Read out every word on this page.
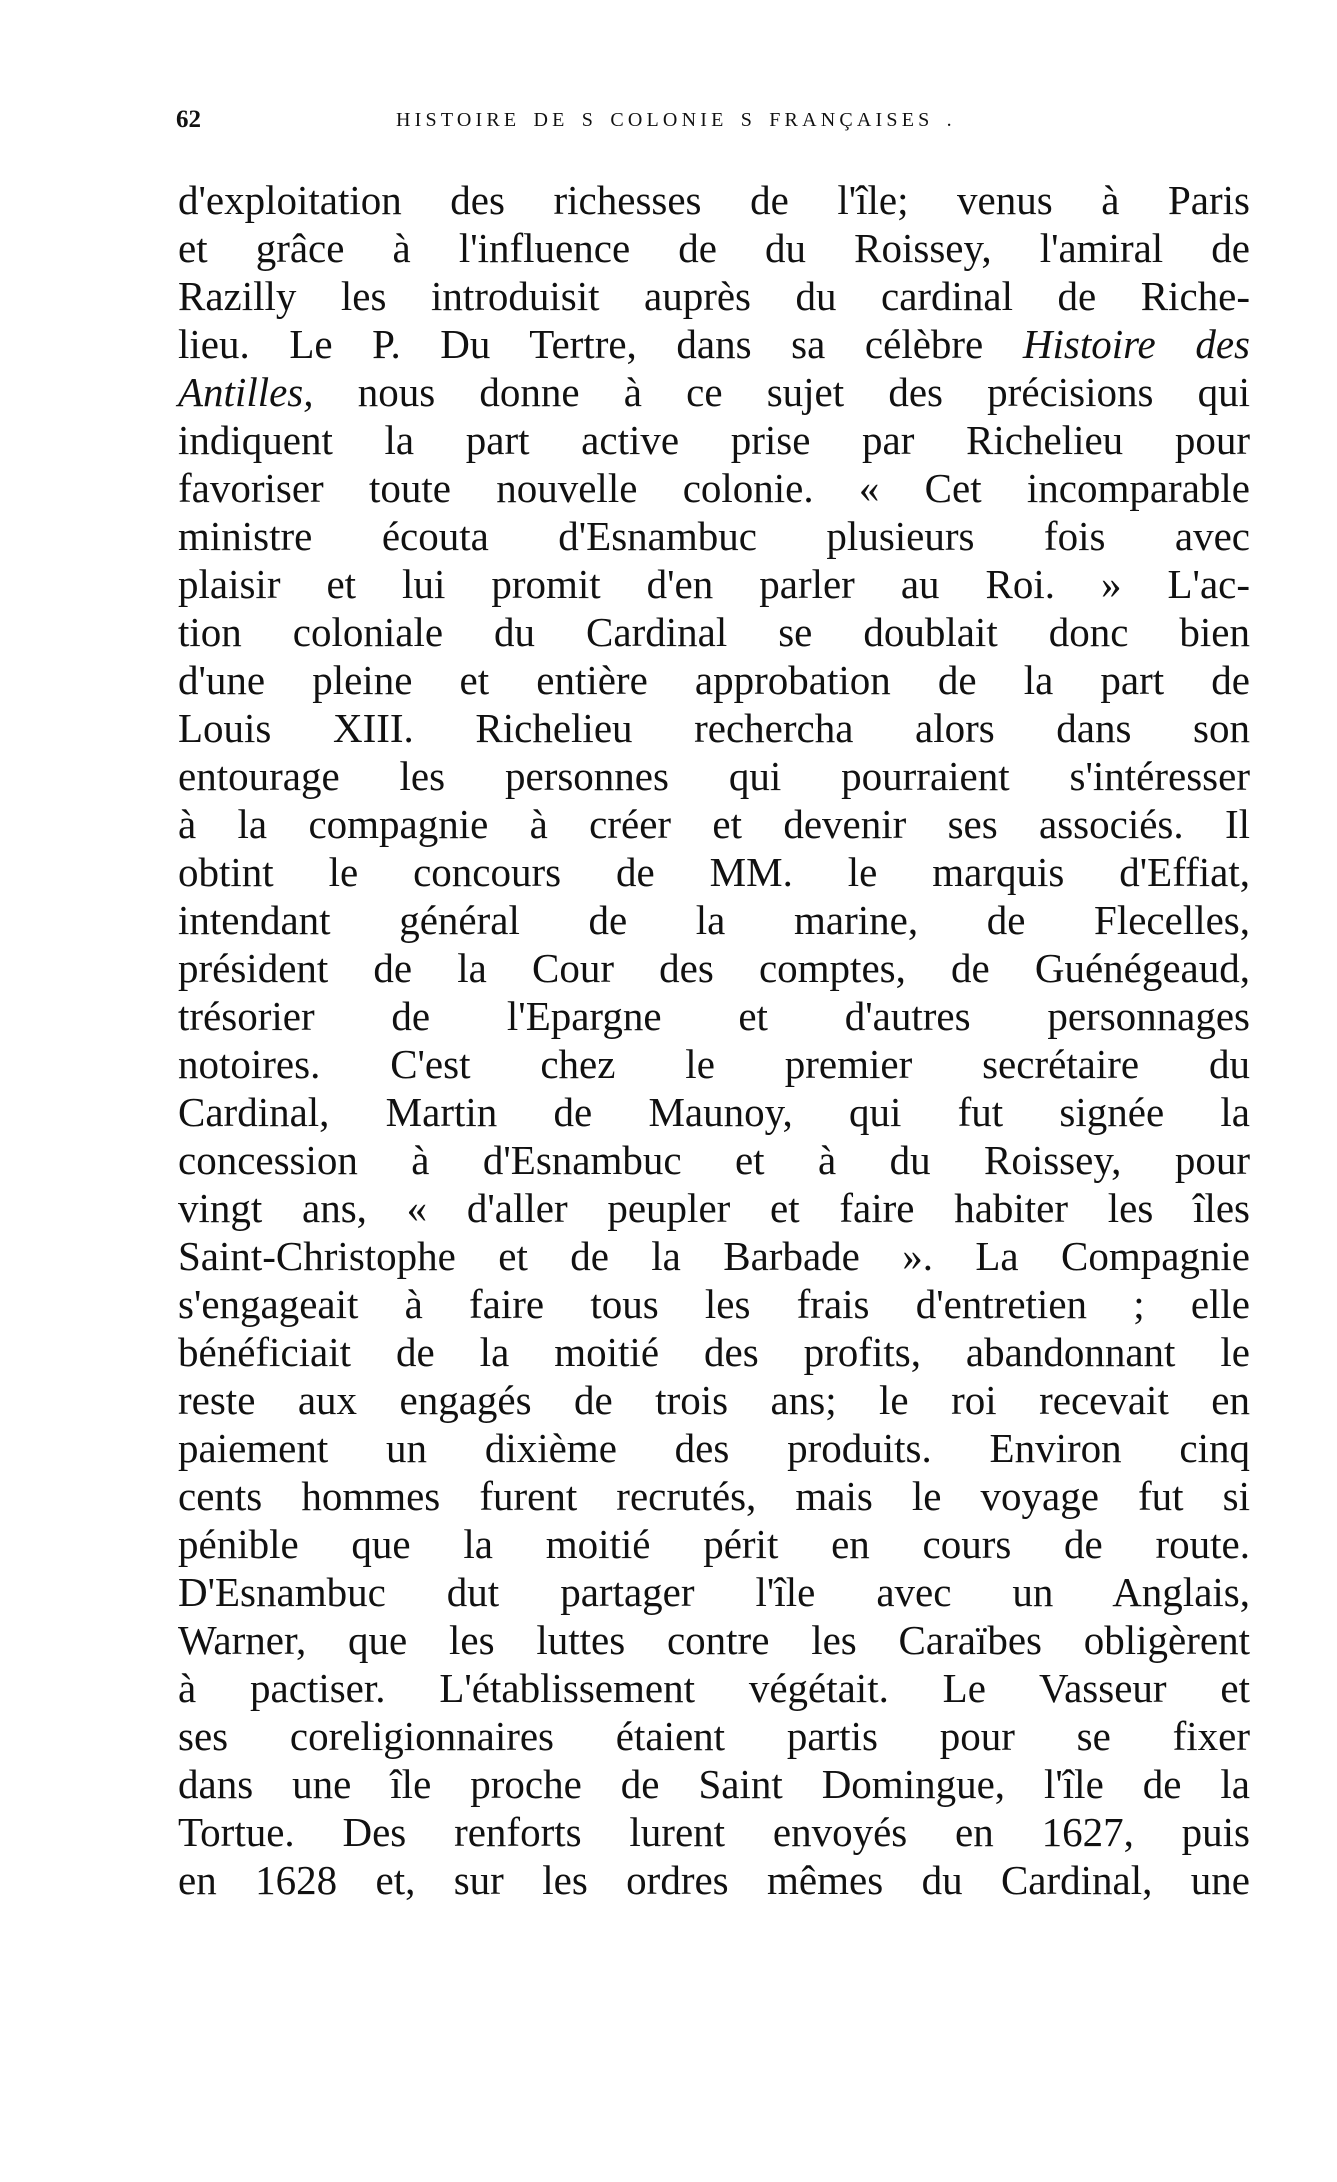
62	HISTOIRE DE S COLONIE S FRANÇAISES .
d'exploitation des richesses de l'île; venus à Paris
et grâce à l'influence de du Roissey, l'amiral de
Razilly les introduisit auprès du cardinal de Riche-
lieu. Le P. Du Tertre, dans sa célèbre Histoire des
Antilles, nous donne à ce sujet des précisions qui
indiquent la part active prise par Richelieu pour
favoriser toute nouvelle colonie. « Cet incomparable
ministre écouta d'Esnambuc plusieurs fois avec
plaisir et lui promit d'en parler au Roi. » L'ac-
tion coloniale du Cardinal se doublait donc bien
d'une pleine et entière approbation de la part de
Louis XIII. Richelieu rechercha alors dans son
entourage les personnes qui pourraient s'intéresser
à la compagnie à créer et devenir ses associés. Il
obtint le concours de MM. le marquis d'Effiat,
intendant général de la marine, de Flecelles,
président de la Cour des comptes, de Guénégeaud,
trésorier de l'Epargne et d'autres personnages
notoires. C'est chez le premier secrétaire du
Cardinal, Martin de Maunoy, qui fut signée la
concession à d'Esnambuc et à du Roissey, pour
vingt ans, « d'aller peupler et faire habiter les îles
Saint-Christophe et de la Barbade ». La Compagnie
s'engageait à faire tous les frais d'entretien ; elle
bénéficiait de la moitié des profits, abandonnant le
reste aux engagés de trois ans; le roi recevait en
paiement un dixième des produits. Environ cinq
cents hommes furent recrutés, mais le voyage fut si
pénible que la moitié périt en cours de route.
D'Esnambuc dut partager l'île avec un Anglais,
Warner, que les luttes contre les Caraïbes obligèrent
à pactiser. L'établissement végétait. Le Vasseur et
ses coreligionnaires étaient partis pour se fixer
dans une île proche de Saint Domingue, l'île de la
Tortue. Des renforts lurent envoyés en 1627, puis
en 1628 et, sur les ordres mêmes du Cardinal, une
